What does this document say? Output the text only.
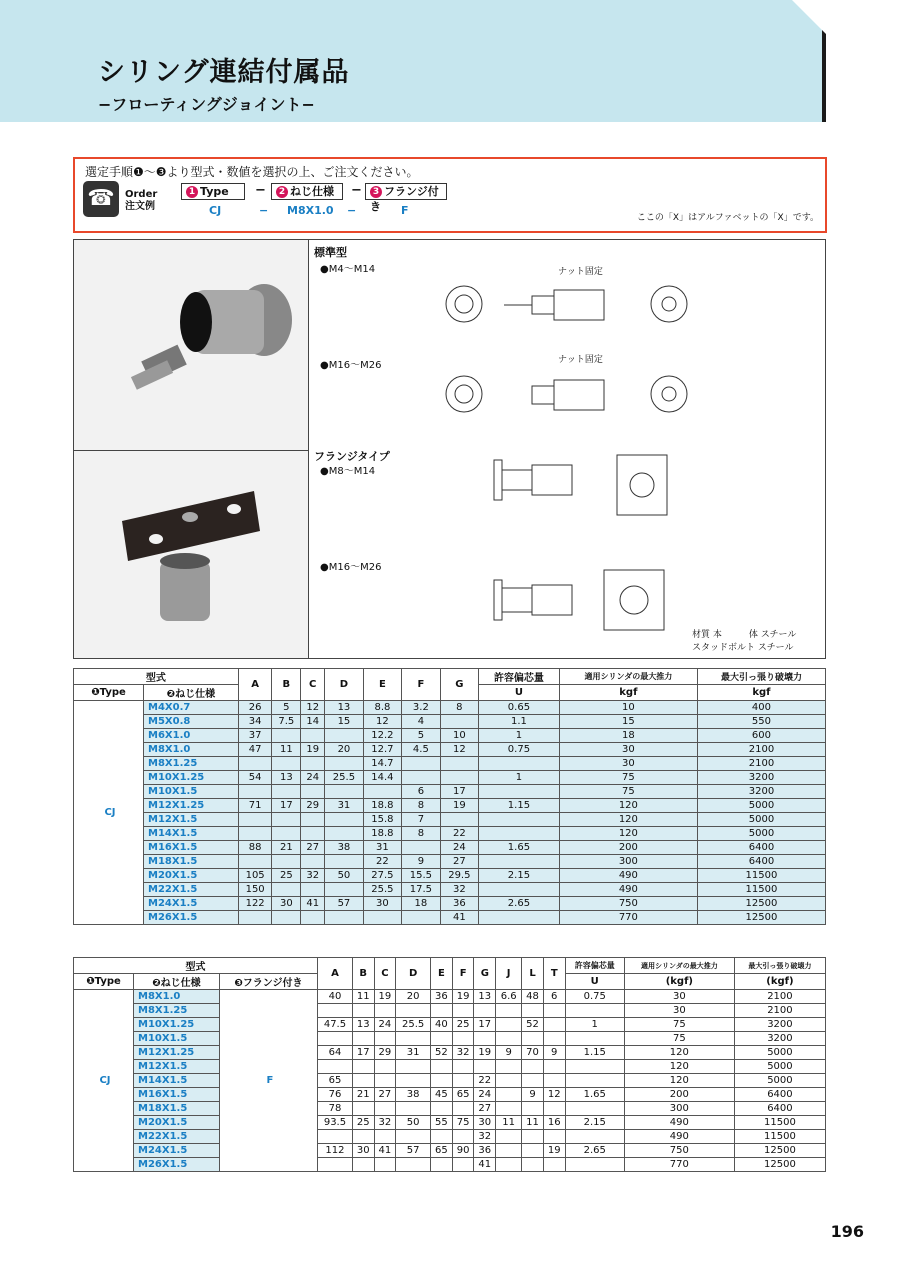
シリング連結付属品
−フローティングジョイント−
選定手順❶〜❸より型式・数値を選択の上、ご注文ください。
☎	Order
注文例
1 Type	−	2 ねじ仕様	−	3 フランジ付き
CJ	− M8X1.0 −	F
ここの「X」はアルファベットの「X」です。
標準型
●M4〜M14
●M16〜M26
フランジタイプ
●M8〜M14
●M16〜M26
ナット固定
ナット固定
材質 本　　　体 スチール
スタッドボルト スチール
型式		A	B	C	D	E	F	G	許容偏芯量	適用シリンダの最大推力	最大引っ張り破壊力
❶Type	❷ねじ仕様								U	kgf	kgf
CJ	M4X0.7	26	5	12	13	8.8	3.2	8	0.65	10	400
	M5X0.8	34	7.5	14	15	12	4		1.1	15	550
	M6X1.0	37				12.2	5	10	1	18	600
	M8X1.0	47	11	19	20	12.7	4.5	12	0.75	30	2100
	M8X1.25					14.7				30	2100
	M10X1.25	54	13	24	25.5	14.4			1	75	3200
	M10X1.5						6	17		75	3200
	M12X1.25	71	17	29	31	18.8	8	19	1.15	120	5000
	M12X1.5					15.8	7			120	5000
	M14X1.5					18.8	8	22		120	5000
	M16X1.5	88	21	27	38	31		24	1.65	200	6400
	M18X1.5					22	9	27		300	6400
	M20X1.5	105	25	32	50	27.5	15.5	29.5	2.15	490	11500
	M22X1.5	150				25.5	17.5	32		490	11500
	M24X1.5	122	30	41	57	30	18	36	2.65	750	12500
	M26X1.5							41		770	12500
型式			A	B	C	D	E	F	G	J	L	T	許容偏芯量	適用シリンダの最大推力	最大引っ張り破壊力
❶Type	❷ねじ仕様	❸フランジ付き											U	(kgf)	(kgf)
CJ	M8X1.0	F	40	11	19	20	36	19	13	6.6	48	6	0.75	30	2100
	M8X1.25													30	2100
	M10X1.25		47.5	13	24	25.5	40	25	17		52		1	75	3200
	M10X1.5													75	3200
	M12X1.25		64	17	29	31	52	32	19	9	70	9	1.15	120	5000
	M12X1.5													120	5000
	M14X1.5		65						22					120	5000
	M16X1.5		76	21	27	38	45	65	24		9	12	1.65	200	6400
	M18X1.5		78						27					300	6400
	M20X1.5		93.5	25	32	50	55	75	30	11	11	16	2.15	490	11500
	M22X1.5								32					490	11500
	M24X1.5		112	30	41	57	65	90	36			19	2.65	750	12500
	M26X1.5								41					770	12500
196
